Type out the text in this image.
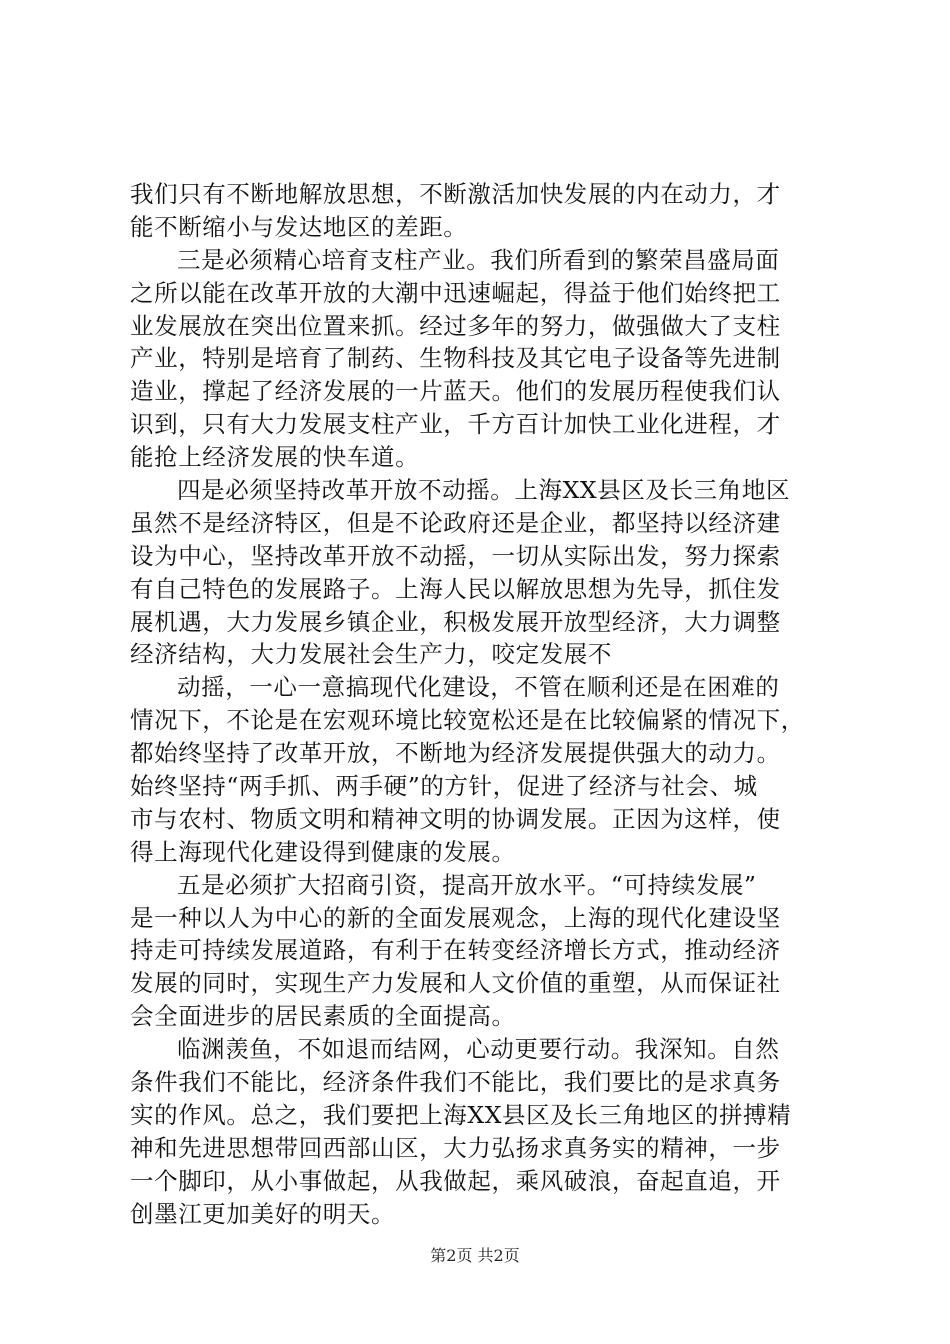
我们只有不断地解放思想，不断激活加快发展的内在动力，才
能不断缩小与发达地区的差距。
三是必须精心培育支柱产业。我们所看到的繁荣昌盛局面
之所以能在改革开放的大潮中迅速崛起，得益于他们始终把工
业发展放在突出位置来抓。经过多年的努力，做强做大了支柱
产业，特别是培育了制药、生物科技及其它电子设备等先进制
造业，撑起了经济发展的一片蓝天。他们的发展历程使我们认
识到，只有大力发展支柱产业，千方百计加快工业化进程，才
能抢上经济发展的快车道。
四是必须坚持改革开放不动摇。上海XX县区及长三角地区
虽然不是经济特区，但是不论政府还是企业，都坚持以经济建
设为中心，坚持改革开放不动摇，一切从实际出发，努力探索
有自己特色的发展路子。上海人民以解放思想为先导，抓住发
展机遇，大力发展乡镇企业，积极发展开放型经济，大力调整
经济结构，大力发展社会生产力，咬定发展不
动摇，一心一意搞现代化建设，不管在顺利还是在困难的
情况下，不论是在宏观环境比较宽松还是在比较偏紧的情况下，
都始终坚持了改革开放，不断地为经济发展提供强大的动力。
始终坚持“两手抓、两手硬”的方针，促进了经济与社会、城
市与农村、物质文明和精神文明的协调发展。正因为这样，使
得上海现代化建设得到健康的发展。
五是必须扩大招商引资，提高开放水平。“可持续发展”
是一种以人为中心的新的全面发展观念，上海的现代化建设坚
持走可持续发展道路，有利于在转变经济增长方式，推动经济
发展的同时，实现生产力发展和人文价值的重塑，从而保证社
会全面进步的居民素质的全面提高。
临渊羡鱼，不如退而结网，心动更要行动。我深知。自然
条件我们不能比，经济条件我们不能比，我们要比的是求真务
实的作风。总之，我们要把上海XX县区及长三角地区的拼搏精
神和先进思想带回西部山区，大力弘扬求真务实的精神，一步
一个脚印，从小事做起，从我做起，乘风破浪，奋起直追，开
创墨江更加美好的明天。
第2页 共2页
